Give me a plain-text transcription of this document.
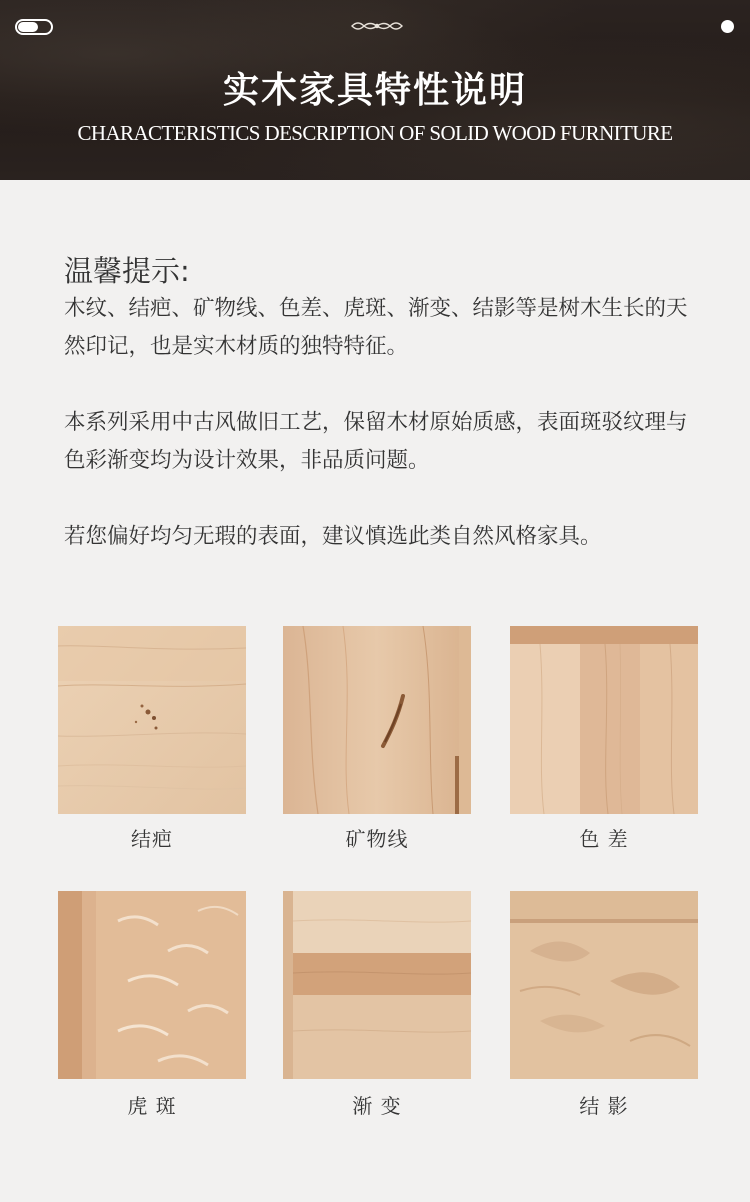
实木家具特性说明
CHARACTERISTICS DESCRIPTION OF SOLID WOOD FURNITURE
温馨提示:
木纹、结疤、矿物线、色差、虎斑、渐变、结影等是树木生长的天然印记，也是实木材质的独特特征。
本系列采用中古风做旧工艺，保留木材原始质感，表面斑驳纹理与色彩渐变均为设计效果，非品质问题。
若您偏好均匀无瑕的表面，建议慎选此类自然风格家具。
结疤	矿物线	色 差
虎 斑	渐 变	结 影
